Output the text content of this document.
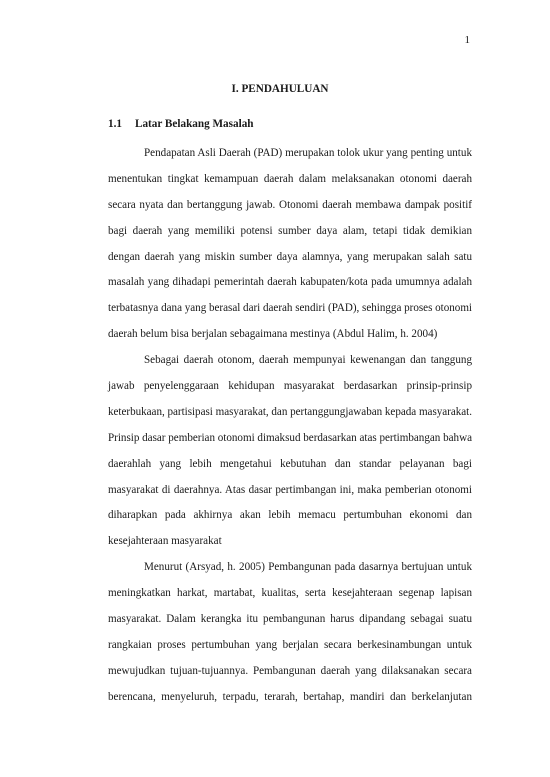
1
I. PENDAHULUAN
1.1 Latar Belakang Masalah
Pendapatan Asli Daerah (PAD) merupakan tolok ukur yang penting untuk
menentukan tingkat kemampuan daerah dalam melaksanakan otonomi daerah
secara nyata dan bertanggung jawab. Otonomi daerah membawa dampak positif
bagi daerah yang memiliki potensi sumber daya alam, tetapi tidak demikian
dengan daerah yang miskin sumber daya alamnya, yang merupakan salah satu
masalah yang dihadapi pemerintah daerah kabupaten/kota pada umumnya adalah
terbatasnya dana yang berasal dari daerah sendiri (PAD), sehingga proses otonomi
daerah belum bisa berjalan sebagaimana mestinya (Abdul Halim, h. 2004)
Sebagai daerah otonom, daerah mempunyai kewenangan dan tanggung
jawab penyelenggaraan kehidupan masyarakat berdasarkan prinsip-prinsip
keterbukaan, partisipasi masyarakat, dan pertanggungjawaban kepada masyarakat.
Prinsip dasar pemberian otonomi dimaksud berdasarkan atas pertimbangan bahwa
daerahlah yang lebih mengetahui kebutuhan dan standar pelayanan bagi
masyarakat di daerahnya. Atas dasar pertimbangan ini, maka pemberian otonomi
diharapkan pada akhirnya akan lebih memacu pertumbuhan ekonomi dan
kesejahteraan masyarakat
Menurut (Arsyad, h. 2005) Pembangunan pada dasarnya bertujuan untuk
meningkatkan harkat, martabat, kualitas, serta kesejahteraan segenap lapisan
masyarakat. Dalam kerangka itu pembangunan harus dipandang sebagai suatu
rangkaian proses pertumbuhan yang berjalan secara berkesinambungan untuk
mewujudkan tujuan-tujuannya. Pembangunan daerah yang dilaksanakan secara
berencana, menyeluruh, terpadu, terarah, bertahap, mandiri dan berkelanjutan
